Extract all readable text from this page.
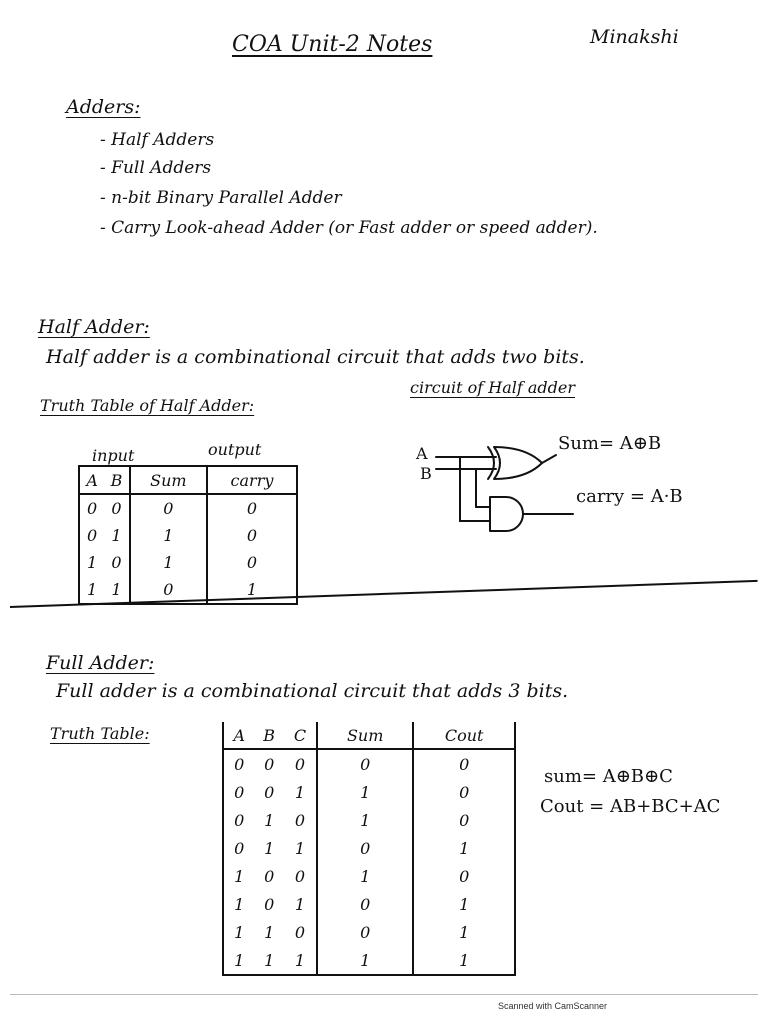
COA Unit-2 Notes	Minakshi
Adders:
- Half Adders
- Full Adders
- n-bit Binary Parallel Adder
- Carry Look-ahead Adder (or Fast adder or speed adder).
Half Adder:
Half adder is a combinational circuit that adds two bits.
Truth Table of Half Adder:
circuit of Half adder
input	output
A	B	Sum	carry
0	0	0	0
0	1	1	0
1	0	1	0
1	1	0	1
A
B
Sum= A⊕B
carry = A·B
Full Adder:
Full adder is a combinational circuit that adds 3 bits.
Truth Table:	A	B	C	Sum	Cout
0	0	0	0	0
0	0	1	1	0
0	1	0	1	0
0	1	1	0	1
1	0	0	1	0
1	0	1	0	1
1	1	0	0	1
1	1	1	1	1
sum= A⊕B⊕C
Cout = AB+BC+AC
Scanned with CamScanner
